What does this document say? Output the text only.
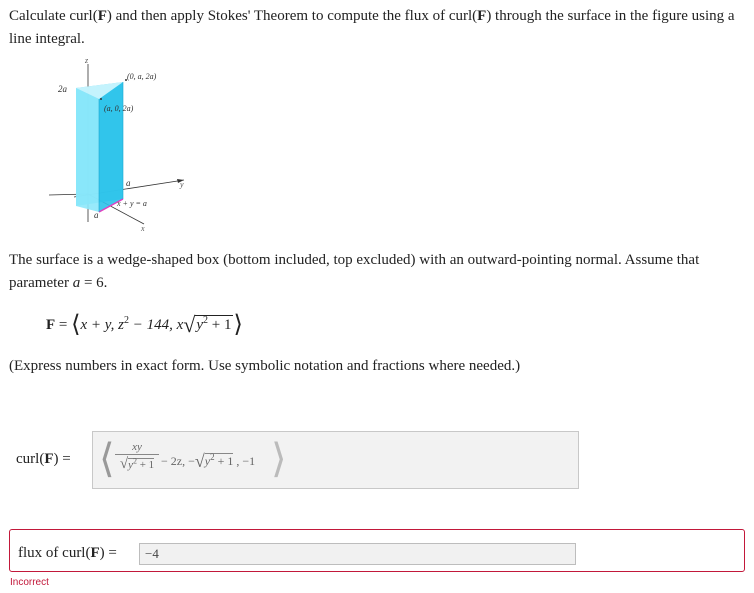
Calculate curl(F) and then apply Stokes' Theorem to compute the flux of curl(F) through the surface in the figure using a line integral.
z
y
x
2a
a
a
(0, a, 2a)
(a, 0, 2a)
x + y = a
The surface is a wedge-shaped box (bottom included, top excluded) with an outward-pointing normal. Assume that
parameter a = 6.
F = ⟨x + y, $z^2 - 144$, $x√y^2$ + 1⟩
(Express numbers in exact form. Use symbolic notation and fractions where needed.)
curl(F) = ⟨ $\frac{xy}{√y^2 + 1} - 2z$, $-√y^2 + 1$ , −1 ⟩
flux of curl(F) =	−4
Incorrect
